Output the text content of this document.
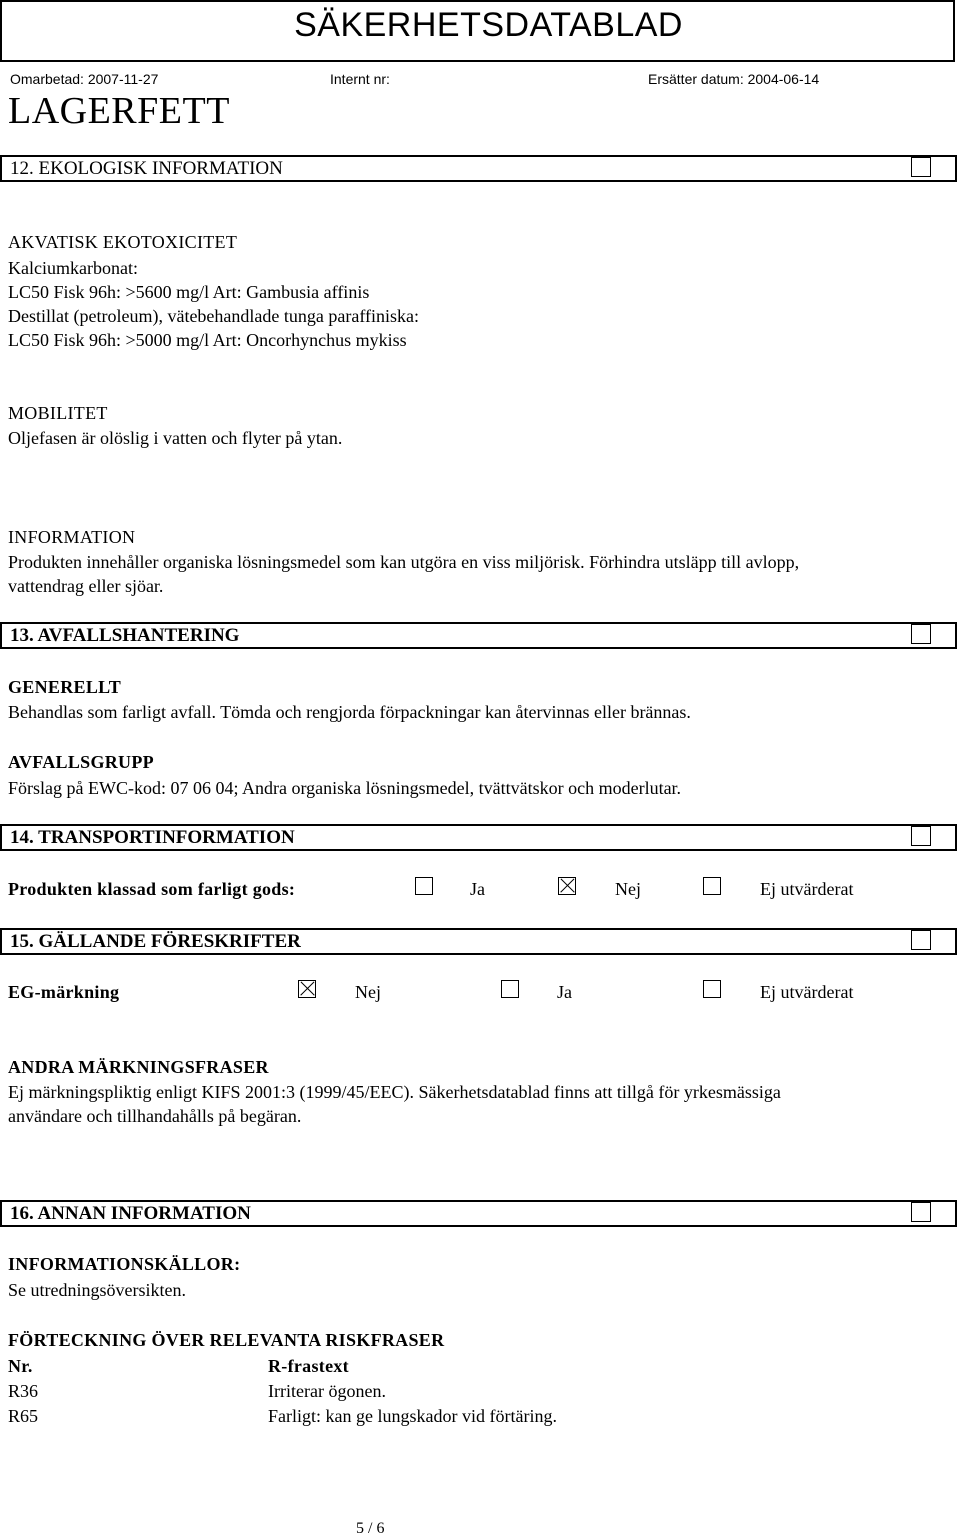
SÄKERHETSDATABLAD
Omarbetad: 2007-11-27	Internt nr:	Ersätter datum: 2004-06-14
LAGERFETT
12. EKOLOGISK INFORMATION
AKVATISK EKOTOXICITET
Kalciumkarbonat:
LC50 Fisk 96h: >5600 mg/l Art: Gambusia affinis
Destillat (petroleum), vätebehandlade tunga paraffiniska:
LC50 Fisk 96h: >5000 mg/l Art: Oncorhynchus mykiss
MOBILITET
Oljefasen är olöslig i vatten och flyter på ytan.
INFORMATION
Produkten innehåller organiska lösningsmedel som kan utgöra en viss miljörisk. Förhindra utsläpp till avlopp,
vattendrag eller sjöar.
13. AVFALLSHANTERING
GENERELLT
Behandlas som farligt avfall. Tömda och rengjorda förpackningar kan återvinnas eller brännas.
AVFALLSGRUPP
Förslag på EWC-kod: 07 06 04; Andra organiska lösningsmedel, tvättvätskor och moderlutar.
14. TRANSPORTINFORMATION
Produkten klassad som farligt gods:	Ja	Nej	Ej utvärderat
15. GÄLLANDE FÖRESKRIFTER
EG-märkning	Nej	Ja	Ej utvärderat
ANDRA MÄRKNINGSFRASER
Ej märkningspliktig enligt KIFS 2001:3 (1999/45/EEC). Säkerhetsdatablad finns att tillgå för yrkesmässiga
användare och tillhandahålls på begäran.
16. ANNAN INFORMATION
INFORMATIONSKÄLLOR:
Se utredningsöversikten.
FÖRTECKNING ÖVER RELEVANTA RISKFRASER
Nr.	R-frastext
R36	Irriterar ögonen.
R65	Farligt: kan ge lungskador vid förtäring.
5 / 6
